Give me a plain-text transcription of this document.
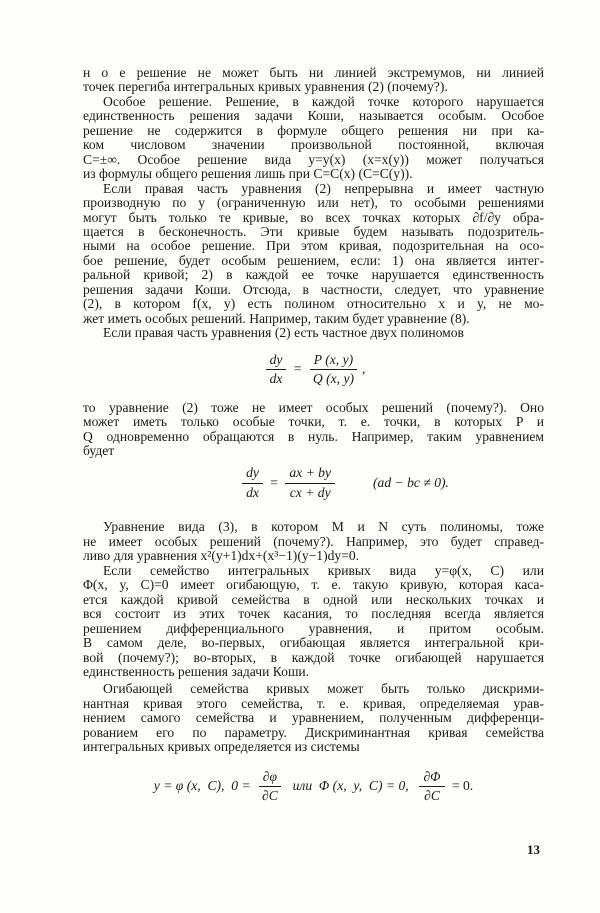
н о е решение не может быть ни линией экстремумов, ни линией
точек перегиба интегральных кривых уравнения (2) (почему?).

Особое решение. Решение, в каждой точке которого нарушается
единственность решения задачи Коши, называется особым. Особое
решение не содержится в формуле общего решения ни при ка-
ком числовом значении произвольной постоянной, включая
C=±∞. Особое решение вида y=y(x) (x=x(y)) может получаться
из формулы общего решения лишь при C=C(x) (C=C(y)).

Если правая часть уравнения (2) непрерывна и имеет частную
производную по y (ограниченную или нет), то особыми решениями
могут быть только те кривые, во всех точках которых ∂f/∂y обра-
щается в бесконечность. Эти кривые будем называть подозритель-
ными на особое решение. При этом кривая, подозрительная на осо-
бое решение, будет особым решением, если: 1) она является интег-
ральной кривой; 2) в каждой ее точке нарушается единственность
решения задачи Коши. Отсюда, в частности, следует, что уравнение
(2), в котором f(x, y) есть полином относительно x и y, не мо-
жет иметь особых решений. Например, таким будет уравнение (8).

Если правая часть уравнения (2) есть частное двух полиномов

$\frac{dy}{dx} = \frac{P (x, y)}{Q (x, y)}$ ,

то уравнение (2) тоже не имеет особых решений (почему?). Оно
может иметь только особые точки, т. е. точки, в которых P и
Q одновременно обращаются в нуль. Например, таким уравнением
будет

$\frac{dy}{dx} = \frac{ax + by}{cx + dy}$	(ad − bc ≠ 0).

Уравнение вида (3), в котором M и N суть полиномы, тоже
не имеет особых решений (почему?). Например, это будет справед-
ливо для уравнения x²(y+1)dx+(x³−1)(y−1)dy=0.

Если семейство интегральных кривых вида y=φ(x, C) или
Φ(x, y, C)=0 имеет огибающую, т. е. такую кривую, которая каса-
ется каждой кривой семейства в одной или нескольких точках и
вся состоит из этих точек касания, то последняя всегда является
решением дифференциального уравнения, и притом особым.
В самом деле, во-первых, огибающая является интегральной кри-
вой (почему?); во-вторых, в каждой точке огибающей нарушается
единственность решения задачи Коши.

Огибающей семейства кривых может быть только дискрими-
нантная кривая этого семейства, т. е. кривая, определяемая урав-
нением самого семейства и уравнением, полученным дифференци-
рованием его по параметру. Дискриминантная кривая семейства
интегральных кривых определяется из системы

y = φ (x,  C),  $0 = \frac{\partial\varphi}{\partial C}$ или  Φ (x,  y,  C) = 0, $\frac{\partial\Phi}{\partial C} = 0$.
13
